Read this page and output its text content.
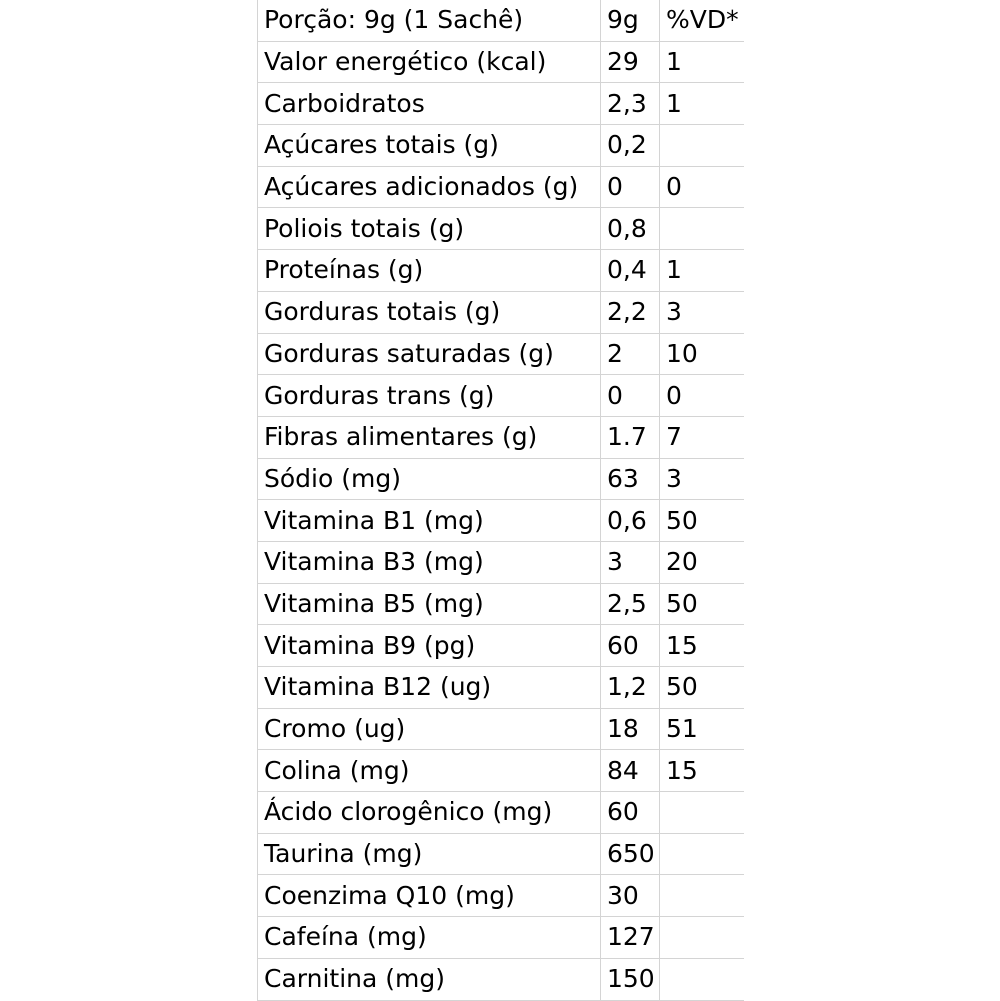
Porção: 9g (1 Sachê)	9g	%VD*
Valor energético (kcal)	29	1
Carboidratos	2,3	1
Açúcares totais (g)	0,2	
Açúcares adicionados (g)	0	0
Poliois totais (g)	0,8	
Proteínas (g)	0,4	1
Gorduras totais (g)	2,2	3
Gorduras saturadas (g)	2	10
Gorduras trans (g)	0	0
Fibras alimentares (g)	1.7	7
Sódio (mg)	63	3
Vitamina B1 (mg)	0,6	50
Vitamina B3 (mg)	3	20
Vitamina B5 (mg)	2,5	50
Vitamina B9 (pg)	60	15
Vitamina B12 (ug)	1,2	50
Cromo (ug)	18	51
Colina (mg)	84	15
Ácido clorogênico (mg)	60	
Taurina (mg)	650	
Coenzima Q10 (mg)	30	
Cafeína (mg)	127	
Carnitina (mg)	150	
